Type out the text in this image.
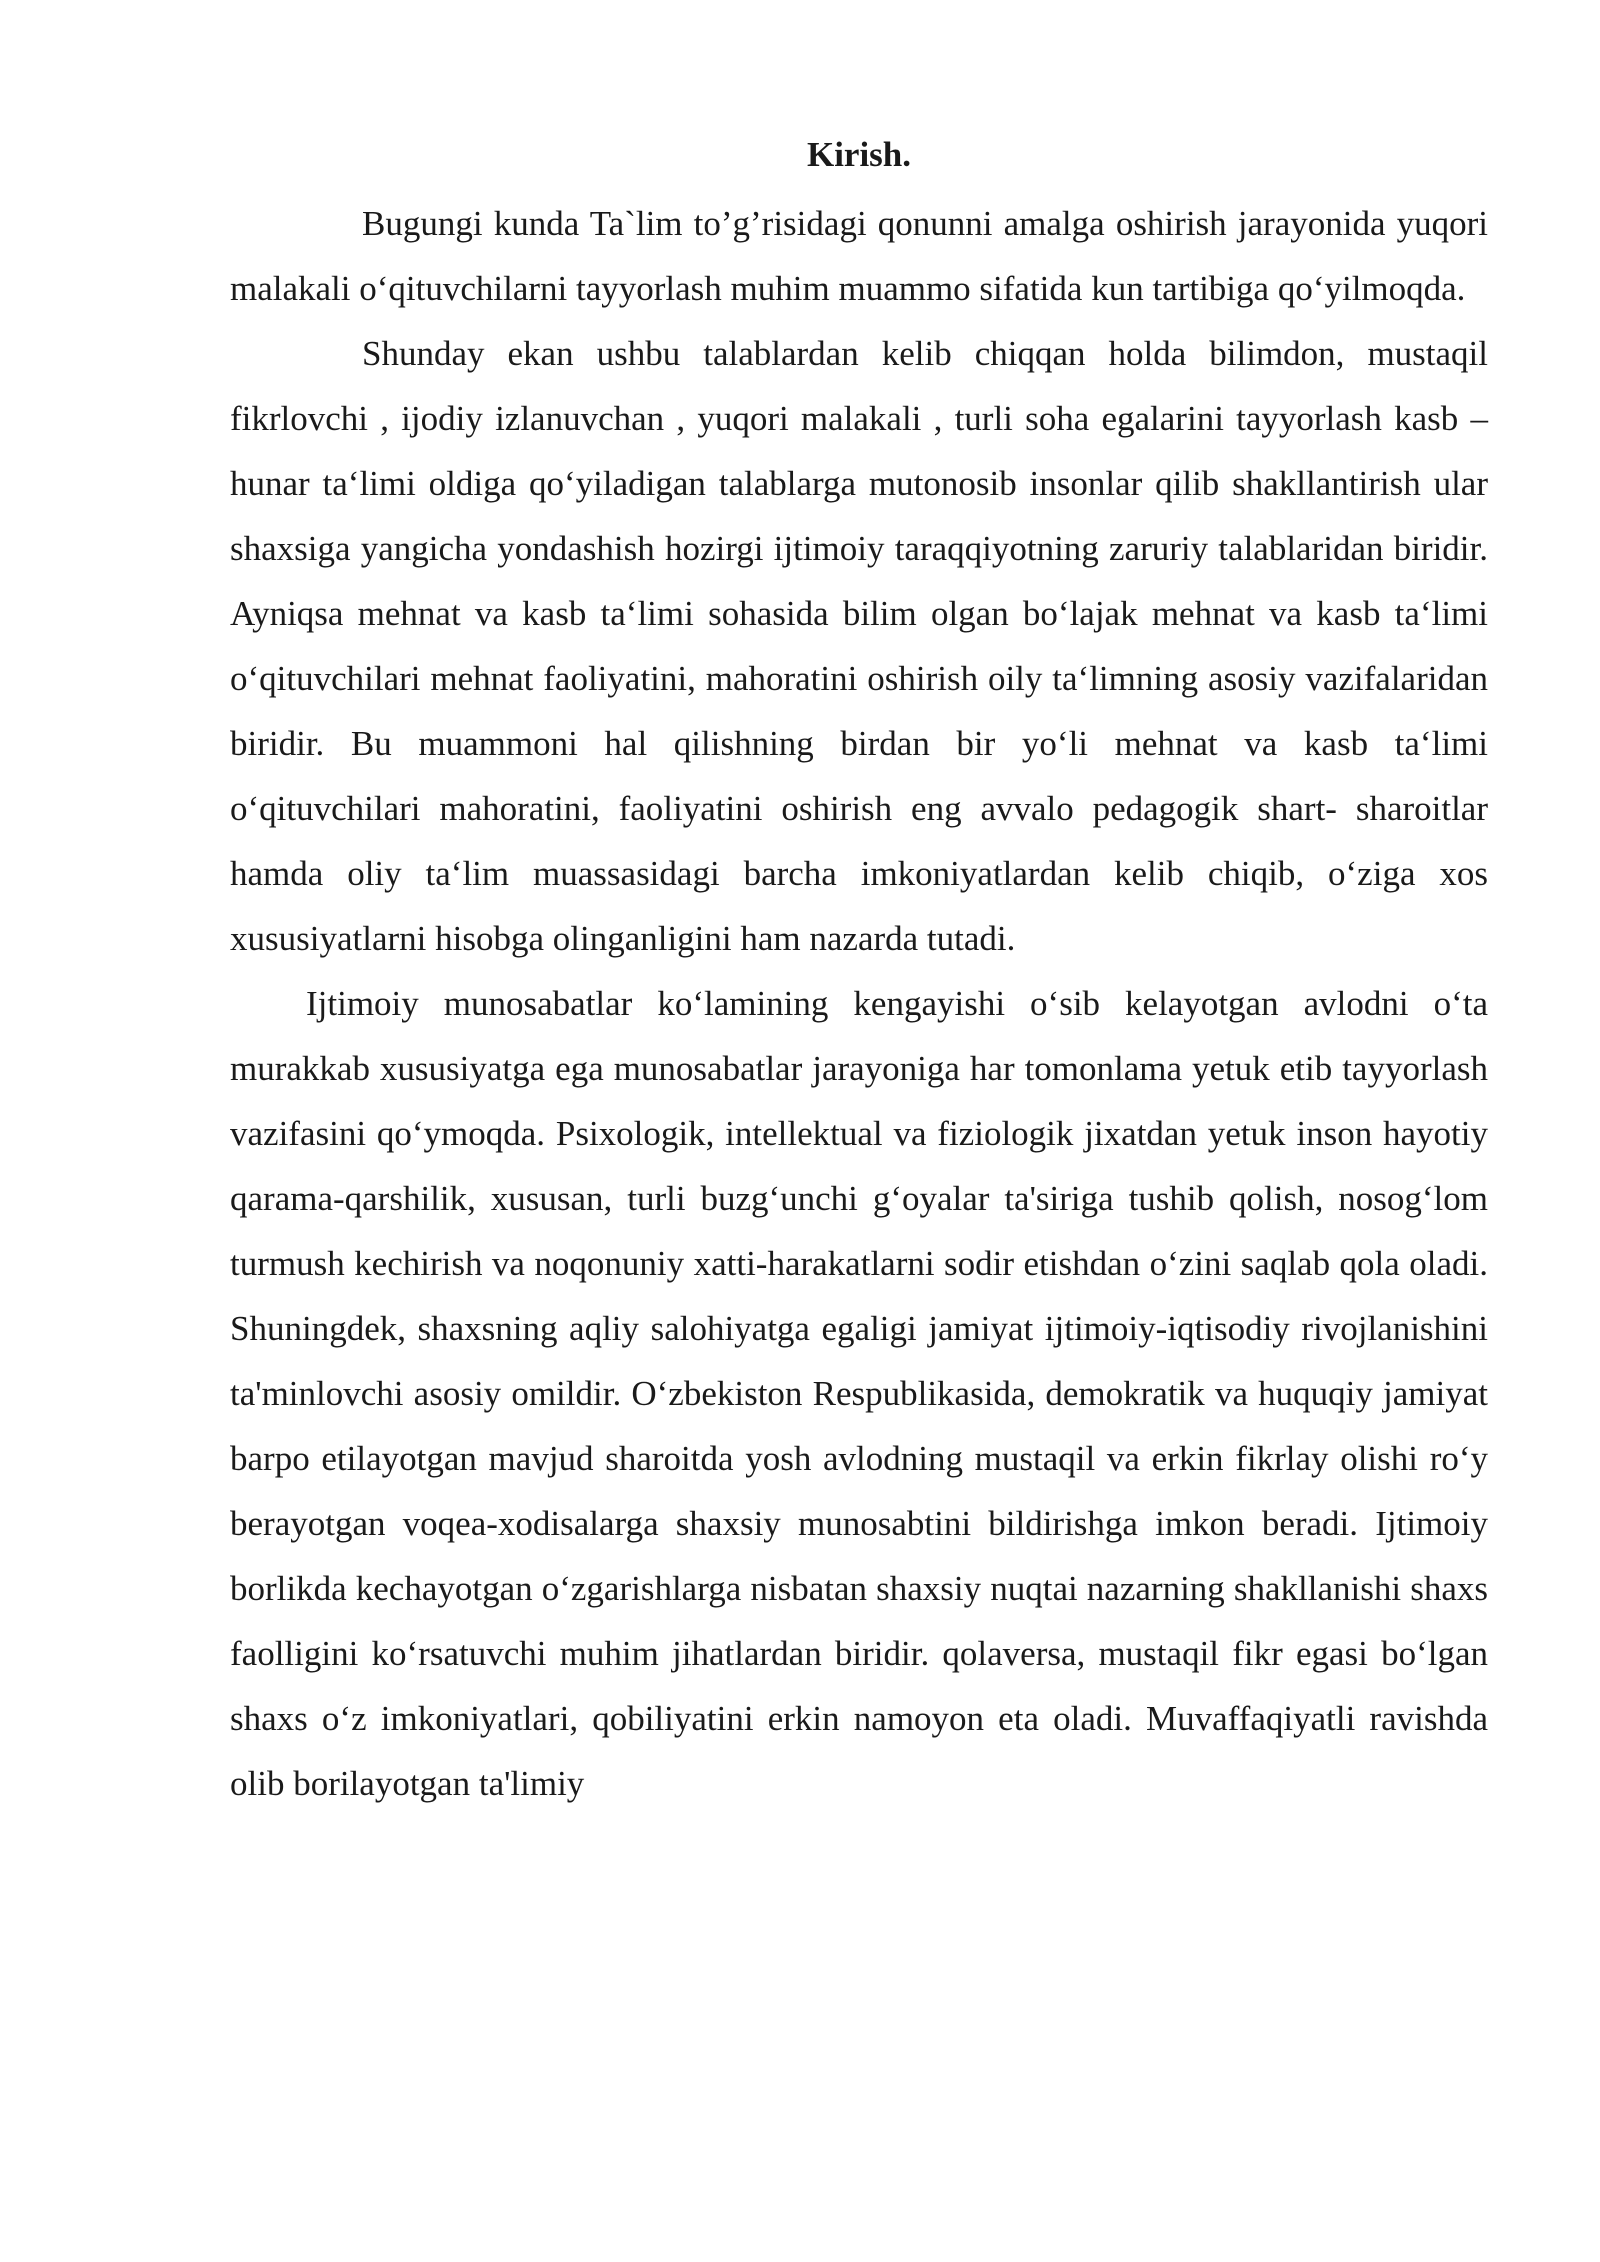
Kirish.

Bugungi kunda Ta`lim to’g’risidagi qonunni amalga oshirish jarayonida yuqori malakali o‘qituvchilarni tayyorlash muhim muammo sifatida kun tartibiga qo‘yilmoqda.

Shunday ekan ushbu talablardan kelib chiqqan holda bilimdon, mustaqil fikrlovchi , ijodiy izlanuvchan , yuqori malakali , turli soha egalarini tayyorlash kasb – hunar ta‘limi oldiga qo‘yiladigan talablarga mutonosib insonlar qilib shakllantirish ular shaxsiga yangicha yondashish hozirgi ijtimoiy taraqqiyotning zaruriy talablaridan biridir. Ayniqsa mehnat va kasb ta‘limi sohasida bilim olgan bo‘lajak mehnat va kasb ta‘limi o‘qituvchilari mehnat faoliyatini, mahoratini oshirish oily ta‘limning asosiy vazifalaridan biridir. Bu muammoni hal qilishning birdan bir yo‘li mehnat va kasb ta‘limi o‘qituvchilari mahoratini, faoliyatini oshirish eng avvalo pedagogik shart- sharoitlar hamda oliy ta‘lim muassasidagi barcha imkoniyatlardan kelib chiqib, o‘ziga xos xususiyatlarni hisobga olinganligini ham nazarda tutadi.

Ijtimoiy munosabatlar ko‘lamining kengayishi o‘sib kelayotgan avlodni o‘ta murakkab xususiyatga ega munosabatlar jarayoniga har tomonlama yetuk etib tayyorlash vazifasini qo‘ymoqda. Psixologik, intellektual va fiziologik jixatdan yetuk inson hayotiy qarama-qarshilik, xususan, turli buzg‘unchi g‘oyalar ta'siriga tushib qolish, nosog‘lom turmush kechirish va noqonuniy xatti-harakatlarni sodir etishdan o‘zini saqlab qola oladi. Shuningdek, shaxsning aqliy salohiyatga egaligi jamiyat ijtimoiy-iqtisodiy rivojlanishini ta'minlovchi asosiy omildir. O‘zbekiston Respublikasida, demokratik va huquqiy jamiyat barpo etilayotgan mavjud sharoitda yosh avlodning mustaqil va erkin fikrlay olishi ro‘y berayotgan voqea-xodisalarga shaxsiy munosabtini bildirishga imkon beradi. Ijtimoiy borlikda kechayotgan o‘zgarishlarga nisbatan shaxsiy nuqtai nazarning shakllanishi shaxs faolligini ko‘rsatuvchi muhim jihatlardan biridir. qolaversa, mustaqil fikr egasi bo‘lgan shaxs o‘z imkoniyatlari, qobiliyatini erkin namoyon eta oladi. Muvaffaqiyatli ravishda olib borilayotgan ta'limiy
